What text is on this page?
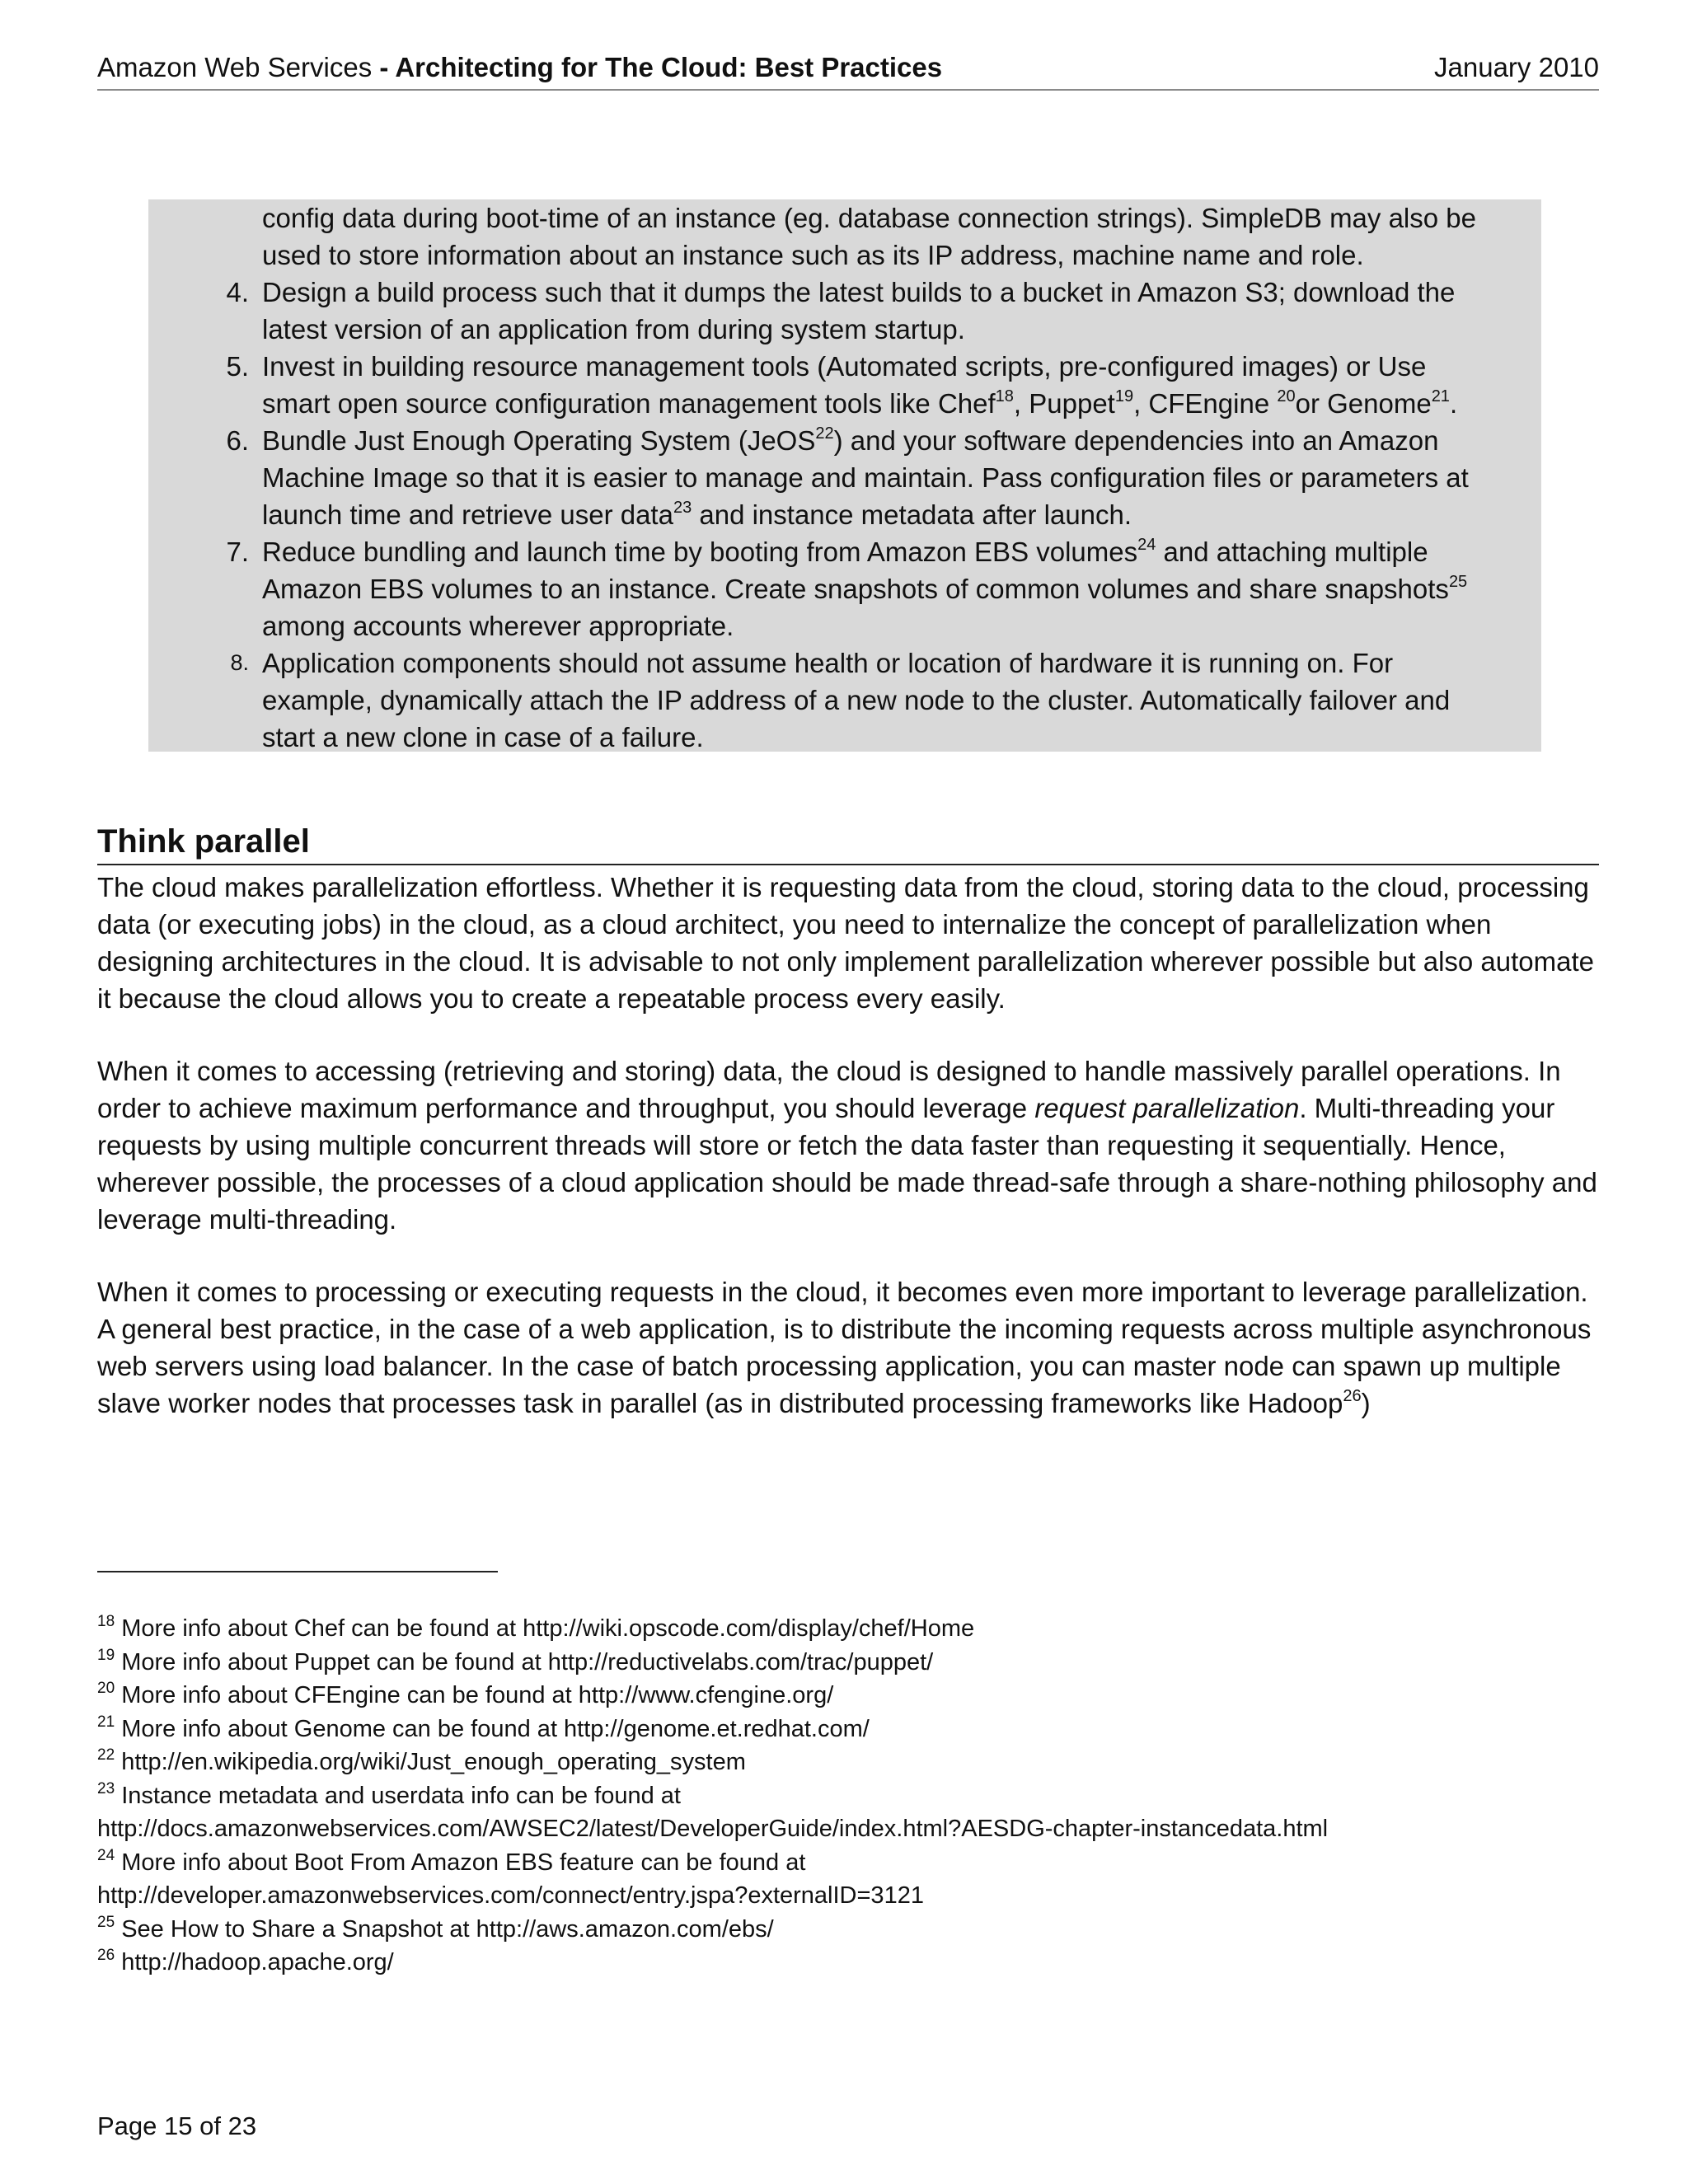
Amazon Web Services - Architecting for The Cloud: Best Practices	January 2010
config data during boot-time of an instance (eg. database connection strings). SimpleDB may also be
used to store information about an instance such as its IP address, machine name and role.
4. Design a build process such that it dumps the latest builds to a bucket in Amazon S3; download the
latest version of an application from during system startup.
5. Invest in building resource management tools (Automated scripts, pre-configured images) or Use
smart open source configuration management tools like Chef$^{18}$, Puppet$^{19}$, CFEngine $^{20}$or Genome$^{21}$.
6. Bundle Just Enough Operating System (JeOS$^{22}$) and your software dependencies into an Amazon
Machine Image so that it is easier to manage and maintain. Pass configuration files or parameters at
launch time and retrieve user data$^{23}$ and instance metadata after launch.
7. Reduce bundling and launch time by booting from Amazon EBS volumes$^{24}$ and attaching multiple
Amazon EBS volumes to an instance. Create snapshots of common volumes and share snapshots$^{25}$
among accounts wherever appropriate.
8. Application components should not assume health or location of hardware it is running on. For
example, dynamically attach the IP address of a new node to the cluster. Automatically failover and
start a new clone in case of a failure.
Think parallel

The cloud makes parallelization effortless. Whether it is requesting data from the cloud, storing data to the cloud, processing data (or executing jobs) in the cloud, as a cloud architect, you need to internalize the concept of parallelization when designing architectures in the cloud. It is advisable to not only implement parallelization wherever possible but also automate it because the cloud allows you to create a repeatable process every easily.

When it comes to accessing (retrieving and storing) data, the cloud is designed to handle massively parallel operations. In order to achieve maximum performance and throughput, you should leverage request parallelization. Multi-threading your requests by using multiple concurrent threads will store or fetch the data faster than requesting it sequentially. Hence, wherever possible, the processes of a cloud application should be made thread-safe through a share-nothing philosophy and leverage multi-threading.

When it comes to processing or executing requests in the cloud, it becomes even more important to leverage parallelization. A general best practice, in the case of a web application, is to distribute the incoming requests across multiple asynchronous web servers using load balancer. In the case of batch processing application, you can master node can spawn up multiple slave worker nodes that processes task in parallel (as in distributed processing frameworks like Hadoop$^{26}$)

$^{18}$ More info about Chef can be found at http://wiki.opscode.com/display/chef/Home
$^{19}$ More info about Puppet can be found at http://reductivelabs.com/trac/puppet/
$^{20}$ More info about CFEngine can be found at http://www.cfengine.org/
$^{21}$ More info about Genome can be found at http://genome.et.redhat.com/
$^{22}$ http://en.wikipedia.org/wiki/Just_enough_operating_system
$^{23}$ Instance metadata and userdata info can be found at
http://docs.amazonwebservices.com/AWSEC2/latest/DeveloperGuide/index.html?AESDG-chapter-instancedata.html
$^{24}$ More info about Boot From Amazon EBS feature can be found at
http://developer.amazonwebservices.com/connect/entry.jspa?externalID=3121
$^{25}$ See How to Share a Snapshot at http://aws.amazon.com/ebs/
$^{26}$ http://hadoop.apache.org/
Page 15 of 23
